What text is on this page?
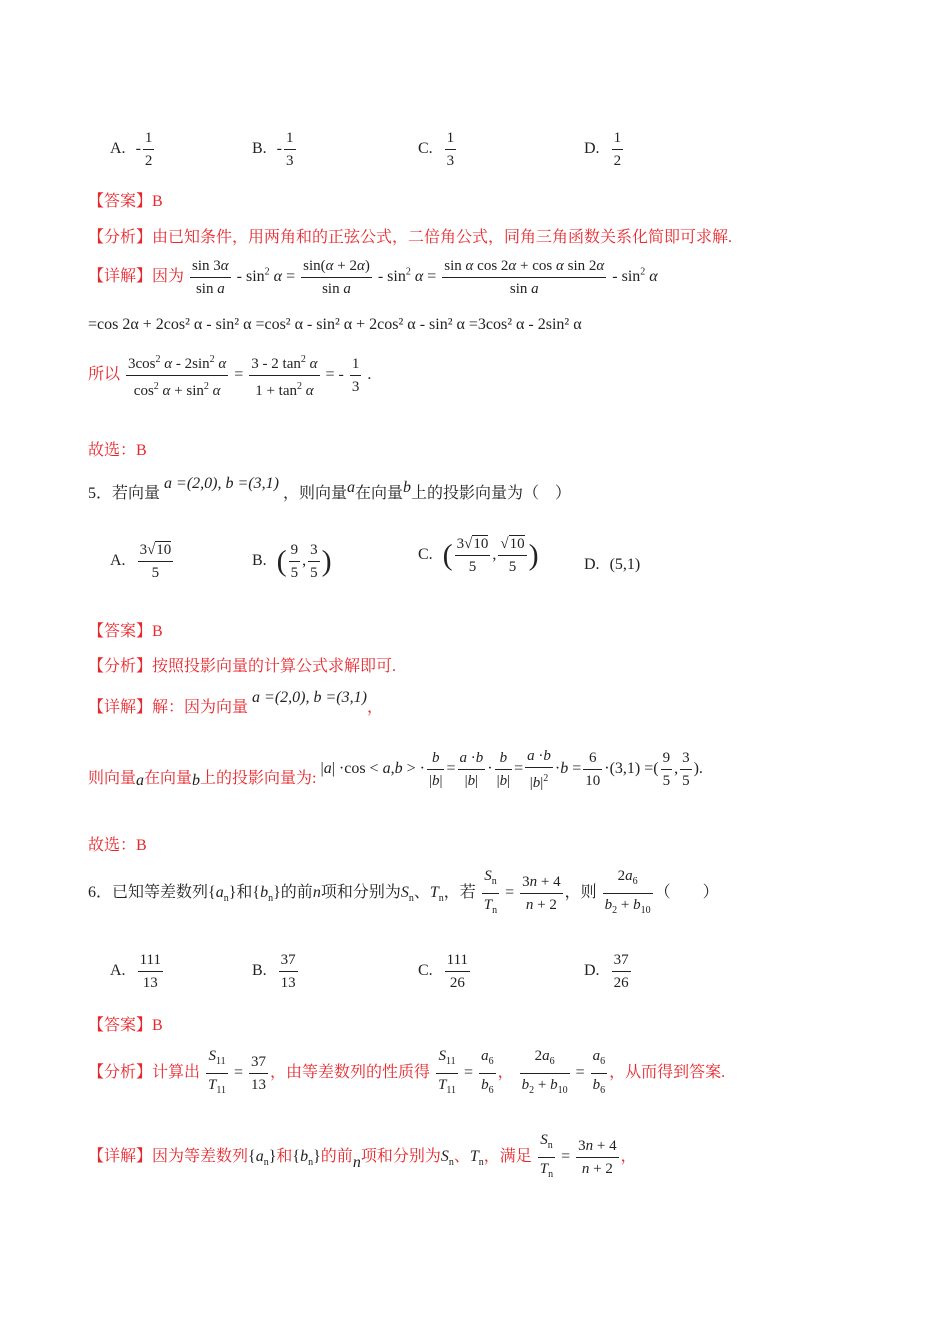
A. - $\frac{1}{2}$	B. - $\frac{1}{3}$	C. $\frac{1}{3}$	D. $\frac{1}{2}$
【答案】B
【分析】由已知条件，用两角和的正弦公式，二倍角公式，同角三角函数关系化简即可求解.
【详解】因为 $\frac{\sin 3\alpha}{\text{sin a}} - \sin^2 \alpha = \frac{\sin(\alpha + 2\alpha)}{\text{sin a}} - \sin^2 \alpha = \frac{\text{sin α cos 2α + cos α sin 2α}}{\text{sin a}} - \sin^2 \alpha$
=cos 2α + 2cos² α - sin² α =cos² α - sin² α + 2cos² α - sin² α =3cos² α - 2sin² α
所以 $\frac{3\cos^2 \alpha - 2\sin^2 \alpha}{\cos^2 \alpha + \sin^2 \alpha} = \frac{3 - 2 \tan^2 \alpha}{1 + \tan^2 \alpha}$ = - $\frac{1}{3}$ .
故选：B
5．若向量 a =(2,0), b =(3,1) ，则向量a在向量b上的投影向量为（　）
A. $\frac{3√10}{5}$	B. ( $\frac{9}{5}$ , $\frac{3}{5}$ )	C. ( $\frac{3√10}{5}$ , $\frac{√10}{5}$ )	D. (5,1)
【答案】B
【分析】按照投影向量的计算公式求解即可.
【详解】解：因为向量 a =(2,0), b =(3,1)，
则向量a在向量b上的投影向量为: |a| ·cos < a,b > · $\frac{b}{|b|} = \frac{a \cdot b}{|b|} \cdot \frac{b}{|b|} = \frac{a \cdot b}{|b|^2} \cdot b = \frac{6}{10} \cdot(3,1)$ =( $\frac{9}{5}$ , $\frac{3}{5}$ ).
故选：B
6．已知等差数列$\{a_n\}$和$\{b_n\}$的前n项和分别为$S_n$、$T_n$，若 $\frac{S_n}{T_n} = \frac{3n + 4}{n + 2}$ ，则 $\frac{2a_6}{b_2 + b_{10}}$ （　　）
A. $\frac{111}{13}$	B. $\frac{37}{13}$	C. $\frac{111}{26}$	D. $\frac{37}{26}$
【答案】B
【分析】计算出 $\frac{S_{11}}{T_{11}} = \frac{37}{13}$ ，由等差数列的性质得 $\frac{S_{11}}{T_{11}} = \frac{a_6}{b_6}$ ， $\frac{2a_6}{b_2 + b_{10}} = \frac{a_6}{b_6}$ ，从而得到答案.
【详解】因为等差数列$\{a_n\}$和$\{b_n\}$的前n项和分别为$S_n$、$T_n$，满足 $\frac{S_n}{T_n} = \frac{3n + 4}{n + 2}$ ，
